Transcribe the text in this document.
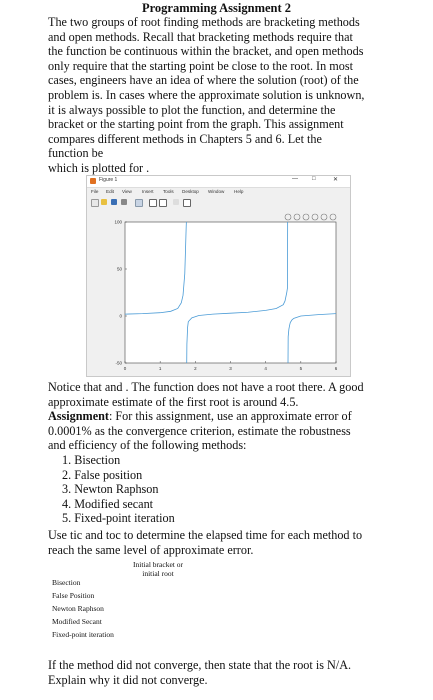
Programming Assignment 2
The two groups of root finding methods are bracketing methods
and open methods. Recall that bracketing methods require that
the function be continuous within the bracket, and open methods
only require that the starting point be close to the root. In most
cases, engineers have an idea of where the solution (root) of the
problem is. In cases where the approximate solution is unknown,
it is always possible to plot the function, and determine the
bracket or the starting point from the graph. This assignment
compares different methods in Chapters 5 and 6. Let the
function be
which is plotted for .
Figure 1	— □	✕
File Edit View Insert Tools Desktop Window Help
0	1	2	3	4	5	6
100
50
0
-50
Notice that and . The function does not have a root there. A good
approximate estimate of the first root is around 4.5.
Assignment: For this assignment, use an approximate error of
0.0001% as the convergence criterion, estimate the robustness
and efficiency of the following methods:
1. Bisection
2. False position
3. Newton Raphson
4. Modified secant
5. Fixed-point iteration
Use tic and toc to determine the elapsed time for each method to
reach the same level of approximate error.
Initial bracket or
initial root
Bisection
False Position
Newton Raphson
Modified Secant
Fixed-point iteration
If the method did not converge, then state that the root is N/A.
Explain why it did not converge.
